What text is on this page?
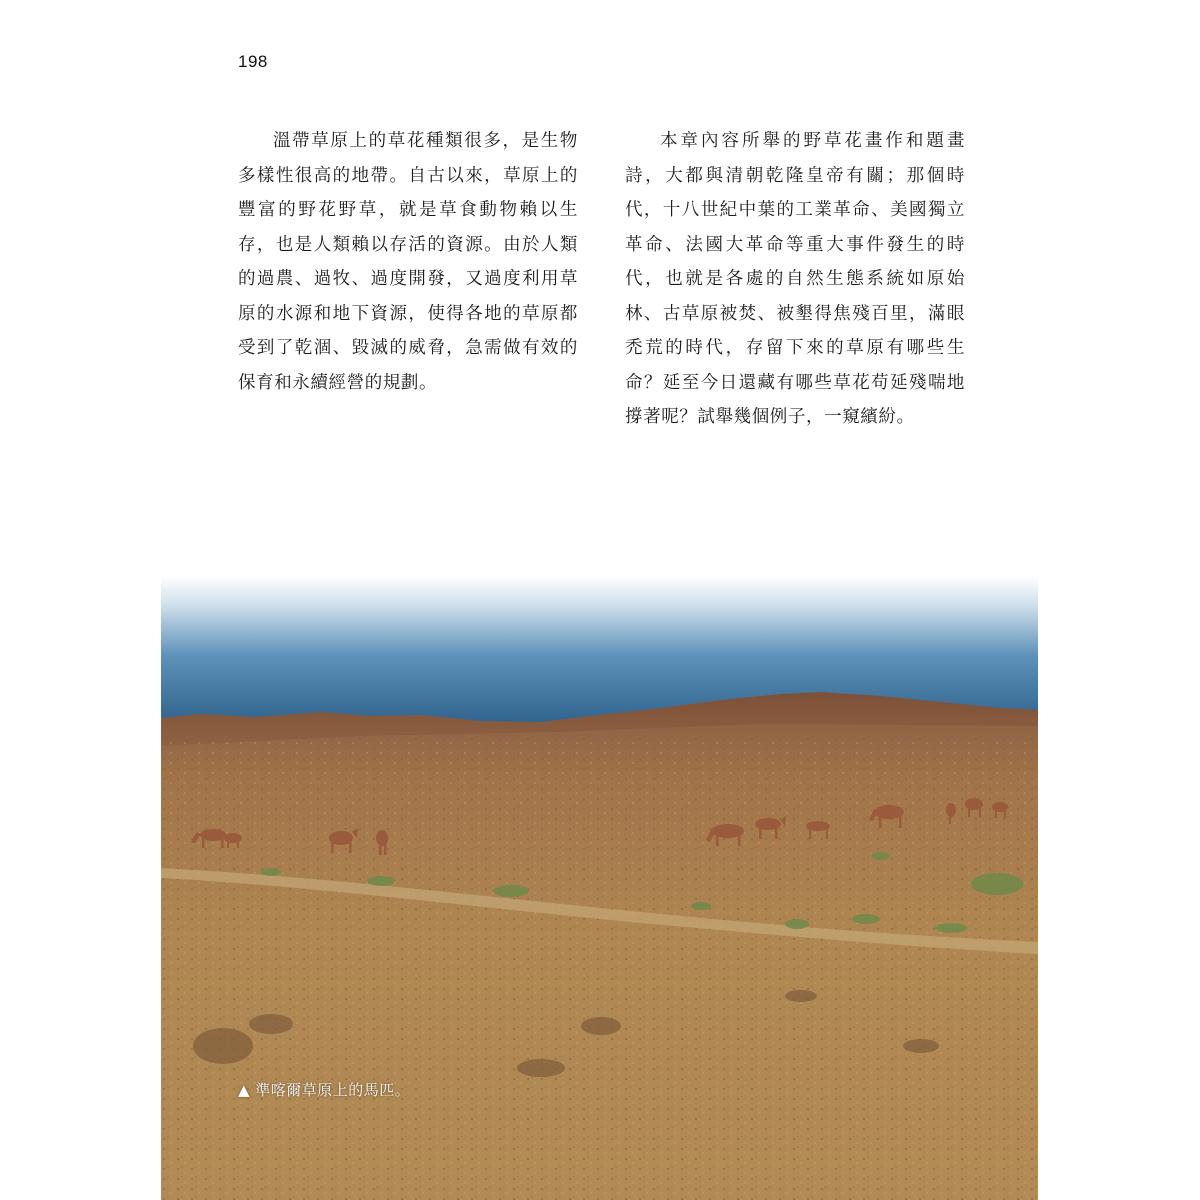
198

溫帶草原上的草花種類很多，是生物多樣性很高的地帶。自古以來，草原上的豐富的野花野草，就是草食動物賴以生存，也是人類賴以存活的資源。由於人類的過農、過牧、過度開發，又過度利用草原的水源和地下資源，使得各地的草原都受到了乾涸、毀滅的威脅，急需做有效的保育和永續經營的規劃。

本章內容所舉的野草花畫作和題畫詩，大都與清朝乾隆皇帝有關；那個時代，十八世紀中葉的工業革命、美國獨立革命、法國大革命等重大事件發生的時代，也就是各處的自然生態系統如原始林、古草原被焚、被墾得焦殘百里，滿眼禿荒的時代，存留下來的草原有哪些生命？延至今日還藏有哪些草花苟延殘喘地撐著呢？試舉幾個例子，一窺繽紛。

▲ 準喀爾草原上的馬匹。
